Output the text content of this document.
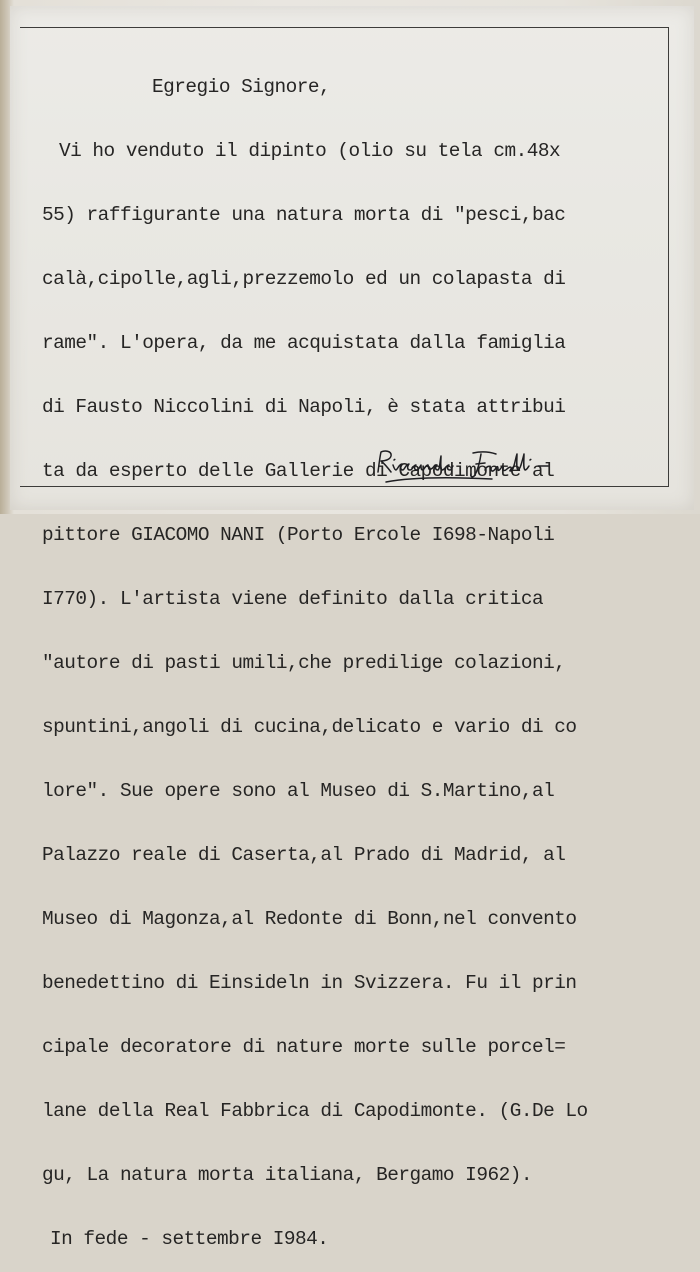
Egregio Signore,

Vi ho venduto il dipinto (olio su tela cm.48x

55) raffigurante una natura morta di "pesci,bac

calà,cipolle,agli,prezzemolo ed un colapasta di

rame". L'opera, da me acquistata dalla famiglia

di Fausto Niccolini di Napoli, è stata attribui

ta da esperto delle Gallerie di Capodimonte al

pittore GIACOMO NANI (Porto Ercole I698-Napoli

I770). L'artista viene definito dalla critica

"autore di pasti umili,che predilige colazioni,

spuntini,angoli di cucina,delicato e vario di co

lore". Sue opere sono al Museo di S.Martino,al

Palazzo reale di Caserta,al Prado di Madrid, al

Museo di Magonza,al Redonte di Bonn,nel convento

benedettino di Einsideln in Svizzera. Fu il prin

cipale decoratore di nature morte sulle porcel=

lane della Real Fabbrica di Capodimonte. (G.De Lo

gu, La natura morta italiana, Bergamo I962).

In fede - settembre I984.
